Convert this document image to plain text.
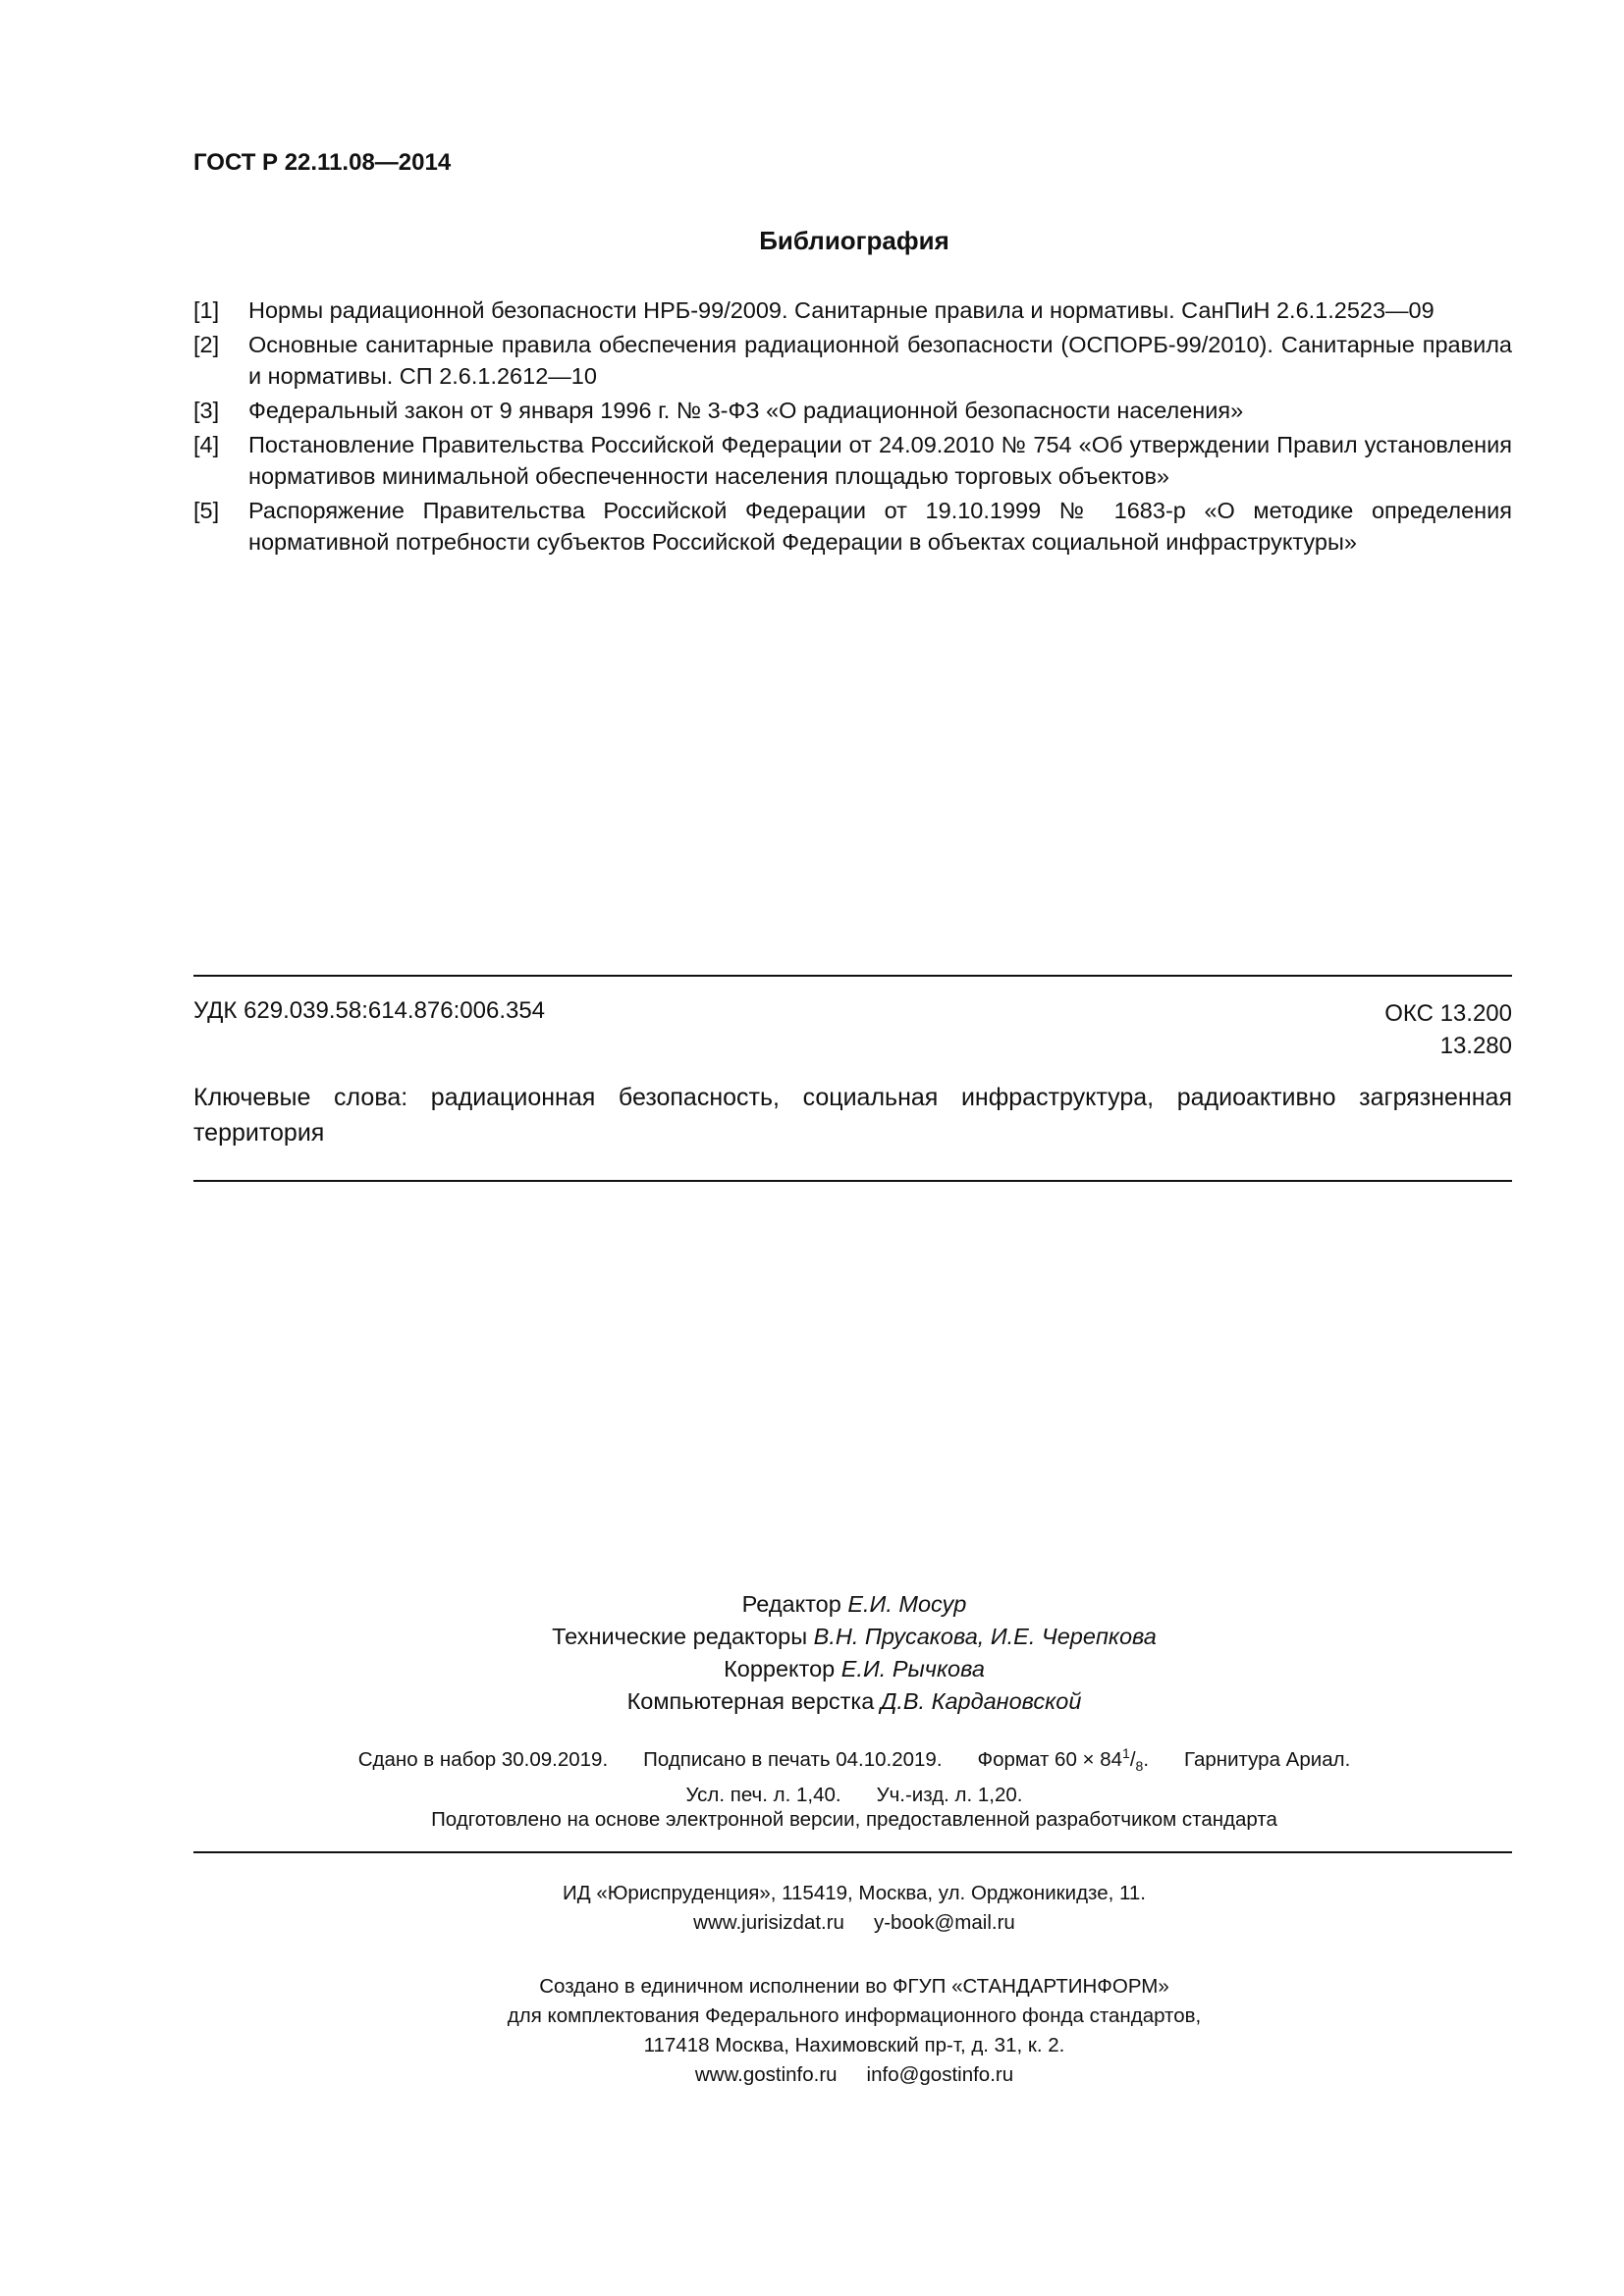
ГОСТ Р 22.11.08—2014
Библиография
[1] Нормы радиационной безопасности НРБ-99/2009. Санитарные правила и нормативы. СанПиН 2.6.1.2523—09
[2] Основные санитарные правила обеспечения радиационной безопасности (ОСПОРБ-99/2010). Санитарные правила и нормативы. СП 2.6.1.2612—10
[3] Федеральный закон от 9 января 1996 г. № 3-ФЗ «О радиационной безопасности населения»
[4] Постановление Правительства Российской Федерации от 24.09.2010 № 754 «Об утверждении Правил установления нормативов минимальной обеспеченности населения площадью торговых объектов»
[5] Распоряжение Правительства Российской Федерации от 19.10.1999 № 1683-р «О методике определения нормативной потребности субъектов Российской Федерации в объектах социальной инфраструктуры»
УДК 629.039.58:614.876:006.354	ОКС 13.200
13.280
Ключевые слова: радиационная безопасность, социальная инфраструктура, радиоактивно загрязненная территория
Редактор Е.И. Мосур
Технические редакторы В.Н. Прусакова, И.Е. Черепкова
Корректор Е.И. Рычкова
Компьютерная верстка Д.В. Кардановской
Сдано в набор 30.09.2019. Подписано в печать 04.10.2019. Формат $60 \times 84^1/_8$. Гарнитура Ариал.
Усл. печ. л. 1,40. Уч.-изд. л. 1,20.
Подготовлено на основе электронной версии, предоставленной разработчиком стандарта
ИД «Юриспруденция», 115419, Москва, ул. Орджоникидзе, 11.
www.jurisizdat.ru y-book@mail.ru
Создано в единичном исполнении во ФГУП «СТАНДАРТИНФОРМ»
для комплектования Федерального информационного фонда стандартов,
117418 Москва, Нахимовский пр-т, д. 31, к. 2.
www.gostinfo.ru info@gostinfo.ru
